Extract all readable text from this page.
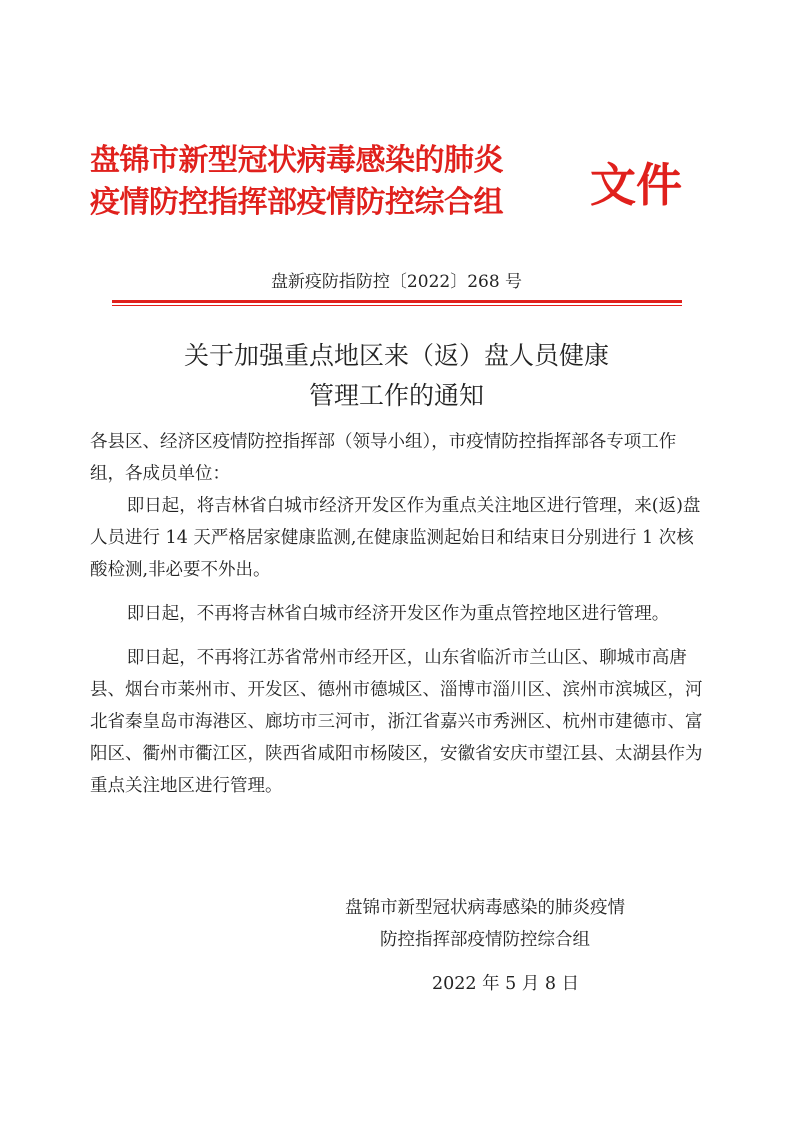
盘锦市新型冠状病毒感染的肺炎
疫情防控指挥部疫情防控综合组	文件
盘新疫防指防控〔2022〕268 号
关于加强重点地区来（返）盘人员健康
管理工作的通知

各县区、经济区疫情防控指挥部（领导小组），市疫情防控指挥部各专项工作组，各成员单位：

即日起，将吉林省白城市经济开发区作为重点关注地区进行管理，来(返)盘人员进行 14 天严格居家健康监测,在健康监测起始日和结束日分别进行 1 次核酸检测,非必要不外出。

即日起，不再将吉林省白城市经济开发区作为重点管控地区进行管理。

即日起，不再将江苏省常州市经开区，山东省临沂市兰山区、聊城市高唐县、烟台市莱州市、开发区、德州市德城区、淄博市淄川区、滨州市滨城区，河北省秦皇岛市海港区、廊坊市三河市，浙江省嘉兴市秀洲区、杭州市建德市、富阳区、衢州市衢江区，陕西省咸阳市杨陵区，安徽省安庆市望江县、太湖县作为重点关注地区进行管理。

盘锦市新型冠状病毒感染的肺炎疫情
防控指挥部疫情防控综合组
2022 年 5 月 8 日
